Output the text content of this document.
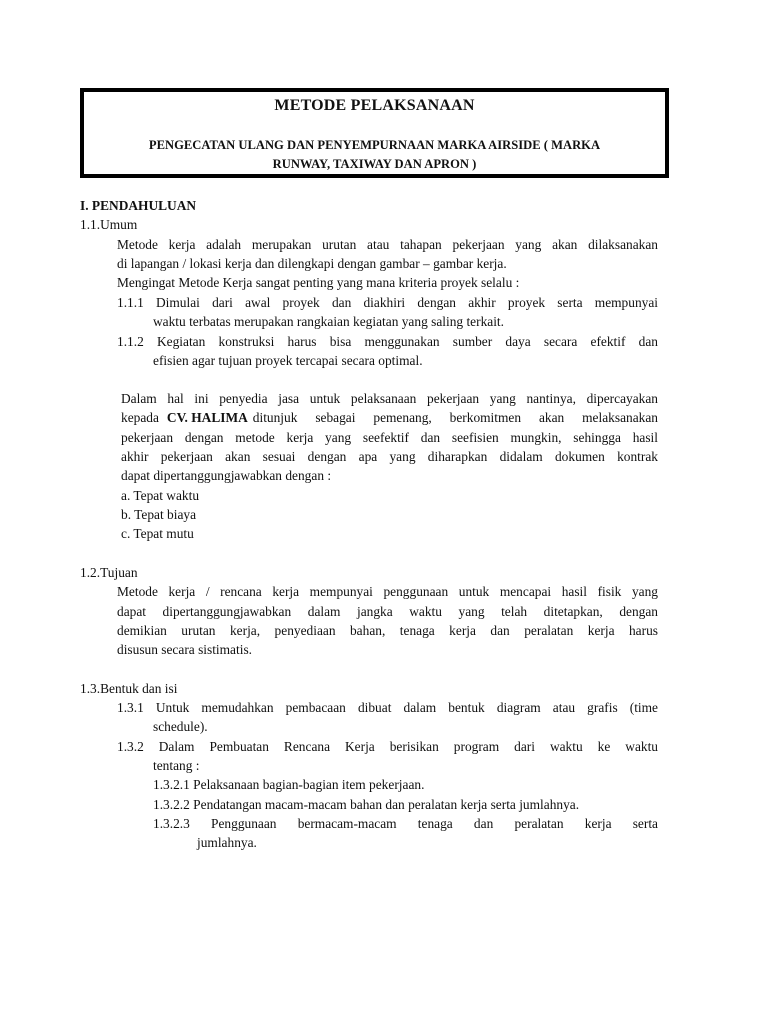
METODE PELAKSANAAN
PENGECATAN ULANG DAN PENYEMPURNAAN MARKA AIRSIDE ( MARKA
RUNWAY, TAXIWAY DAN APRON )
I. PENDAHULUAN
1.1.Umum
Metode kerja adalah merupakan urutan atau tahapan pekerjaan yang akan dilaksanakan
di lapangan / lokasi kerja dan dilengkapi dengan gambar – gambar kerja.
Mengingat Metode Kerja sangat penting yang mana kriteria proyek selalu :
1.1.1 Dimulai dari awal proyek dan diakhiri dengan akhir proyek serta mempunyai
waktu terbatas merupakan rangkaian kegiatan yang saling terkait.
1.1.2 Kegiatan konstruksi harus bisa menggunakan sumber daya secara efektif dan
efisien agar tujuan proyek tercapai secara optimal.
Dalam hal ini penyedia jasa untuk pelaksanaan pekerjaan yang nantinya, dipercayakan
kepada CV. HALIMA ditunjuk sebagai pemenang, berkomitmen akan melaksanakan
pekerjaan dengan metode kerja yang seefektif dan seefisien mungkin, sehingga hasil
akhir pekerjaan akan sesuai dengan apa yang diharapkan didalam dokumen kontrak
dapat dipertanggungjawabkan dengan :
a. Tepat waktu
b. Tepat biaya
c. Tepat mutu
1.2.Tujuan
Metode kerja / rencana kerja mempunyai penggunaan untuk mencapai hasil fisik yang
dapat dipertanggungjawabkan dalam jangka waktu yang telah ditetapkan, dengan
demikian urutan kerja, penyediaan bahan, tenaga kerja dan peralatan kerja harus
disusun secara sistimatis.
1.3.Bentuk dan isi
1.3.1 Untuk memudahkan pembacaan dibuat dalam bentuk diagram atau grafis (time
schedule).
1.3.2 Dalam Pembuatan Rencana Kerja berisikan program dari waktu ke waktu
tentang :
1.3.2.1 Pelaksanaan bagian-bagian item pekerjaan.
1.3.2.2 Pendatangan macam-macam bahan dan peralatan kerja serta jumlahnya.
1.3.2.3 Penggunaan bermacam-macam tenaga dan peralatan kerja serta
jumlahnya.
